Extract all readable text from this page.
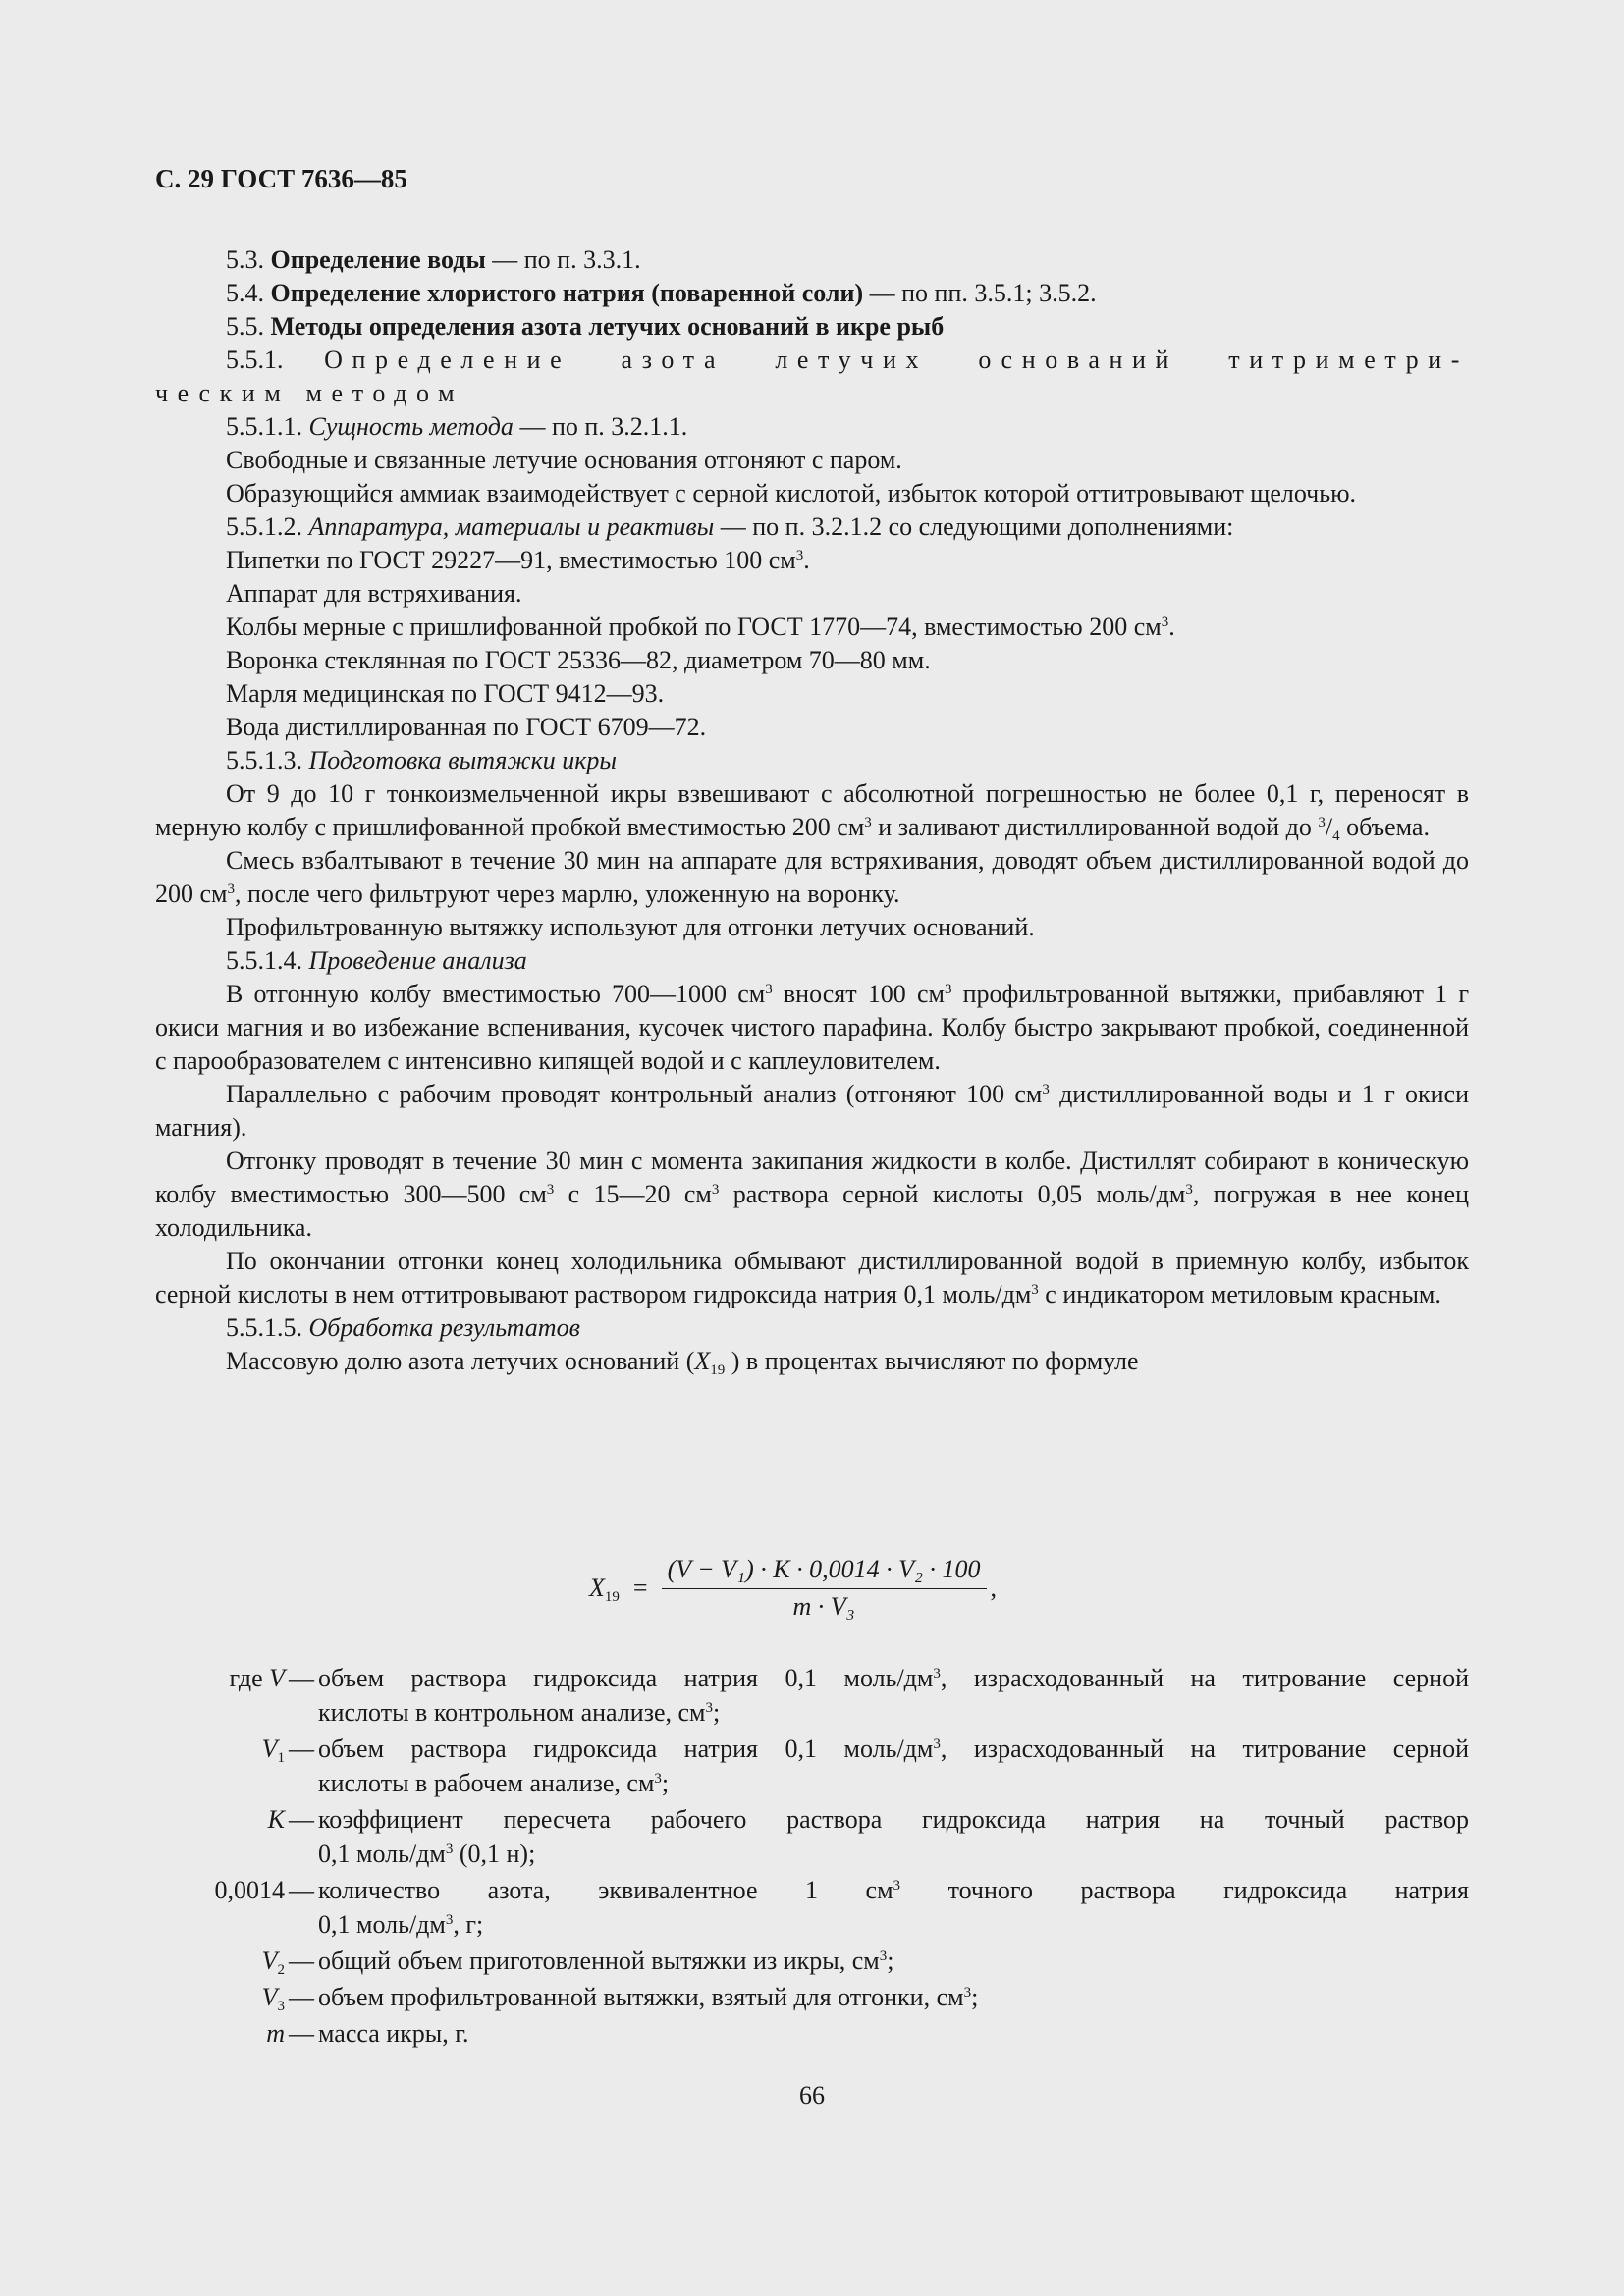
С. 29 ГОСТ 7636—85

5.3. Определение воды — по п. 3.3.1.

5.4. Определение хлористого натрия (поваренной соли) — по пп. 3.5.1; 3.5.2.

5.5. Методы определения азота летучих оснований в икре рыб

5.5.1. Определение азота летучих оснований титриметри-

ческим методом

5.5.1.1. Сущность метода — по п. 3.2.1.1.

Свободные и связанные летучие основания отгоняют с паром.

Образующийся аммиак взаимодействует с серной кислотой, избыток которой оттитровывают щелочью.

5.5.1.2. Аппаратура, материалы и реактивы — по п. 3.2.1.2 со следующими дополнениями:

Пипетки по ГОСТ 29227—91, вместимостью 100 $см^3$.

Аппарат для встряхивания.

Колбы мерные с пришлифованной пробкой по ГОСТ 1770—74, вместимостью 200 $см^3$.

Воронка стеклянная по ГОСТ 25336—82, диаметром 70—80 мм.

Марля медицинская по ГОСТ 9412—93.

Вода дистиллированная по ГОСТ 6709—72.

5.5.1.3. Подготовка вытяжки икры

От 9 до 10 г тонкоизмельченной икры взвешивают с абсолютной погрешностью не более 0,1 г, переносят в мерную колбу с пришлифованной пробкой вместимостью 200 $см^3$ и заливают дистиллированной водой до $^3/_4$ объема.

Смесь взбалтывают в течение 30 мин на аппарате для встряхивания, доводят объем дистиллированной водой до 200 $см^3$, после чего фильтруют через марлю, уложенную на воронку.

Профильтрованную вытяжку используют для отгонки летучих оснований.

5.5.1.4. Проведение анализа

В отгонную колбу вместимостью 700—1000 $см^3$ вносят 100 $см^3$ профильтрованной вытяжки, прибавляют 1 г окиси магния и во избежание вспенивания, кусочек чистого парафина. Колбу быстро закрывают пробкой, соединенной с парообразователем с интенсивно кипящей водой и с каплеуловителем.

Параллельно с рабочим проводят контрольный анализ (отгоняют 100 $см^3$ дистиллированной воды и 1 г окиси магния).

Отгонку проводят в течение 30 мин с момента закипания жидкости в колбе. Дистиллят собирают в коническую колбу вместимостью 300—500 $см^3$ с 15—20 $см^3$ раствора серной кислоты 0,05 моль/$дм^3$, погружая в нее конец холодильника.

По окончании отгонки конец холодильника обмывают дистиллированной водой в приемную колбу, избыток серной кислоты в нем оттитровывают раствором гидроксида натрия 0,1 моль/$дм^3$ с индикатором метиловым красным.

5.5.1.5. Обработка результатов

Массовую долю азота летучих оснований ($X_{19}$ ) в процентах вычисляют по формуле

$X_{19} = \frac{\text{(V − V₁) · K · 0,0014 · V₂ · 100}}{\text{m · V₃}}$ ,
где V — объем раствора гидроксида натрия 0,1 моль/$дм^3$, израсходованный на титрование серной
кислоты в контрольном анализе, $см^3$;
$V_1$ — объем раствора гидроксида натрия 0,1 моль/$дм^3$, израсходованный на титрование серной
кислоты в рабочем анализе, $см^3$;
K — коэффициент пересчета рабочего раствора гидроксида натрия на точный раствор
0,1 моль/$дм^3$ (0,1 н);
0,0014 — количество азота, эквивалентное 1 $см^3$ точного раствора гидроксида натрия
0,1 моль/$дм^3$, г;
$V_2$ — общий объем приготовленной вытяжки из икры, $см^3$;
$V_3$ — объем профильтрованной вытяжки, взятый для отгонки, $см^3$;
m — масса икры, г.
66
